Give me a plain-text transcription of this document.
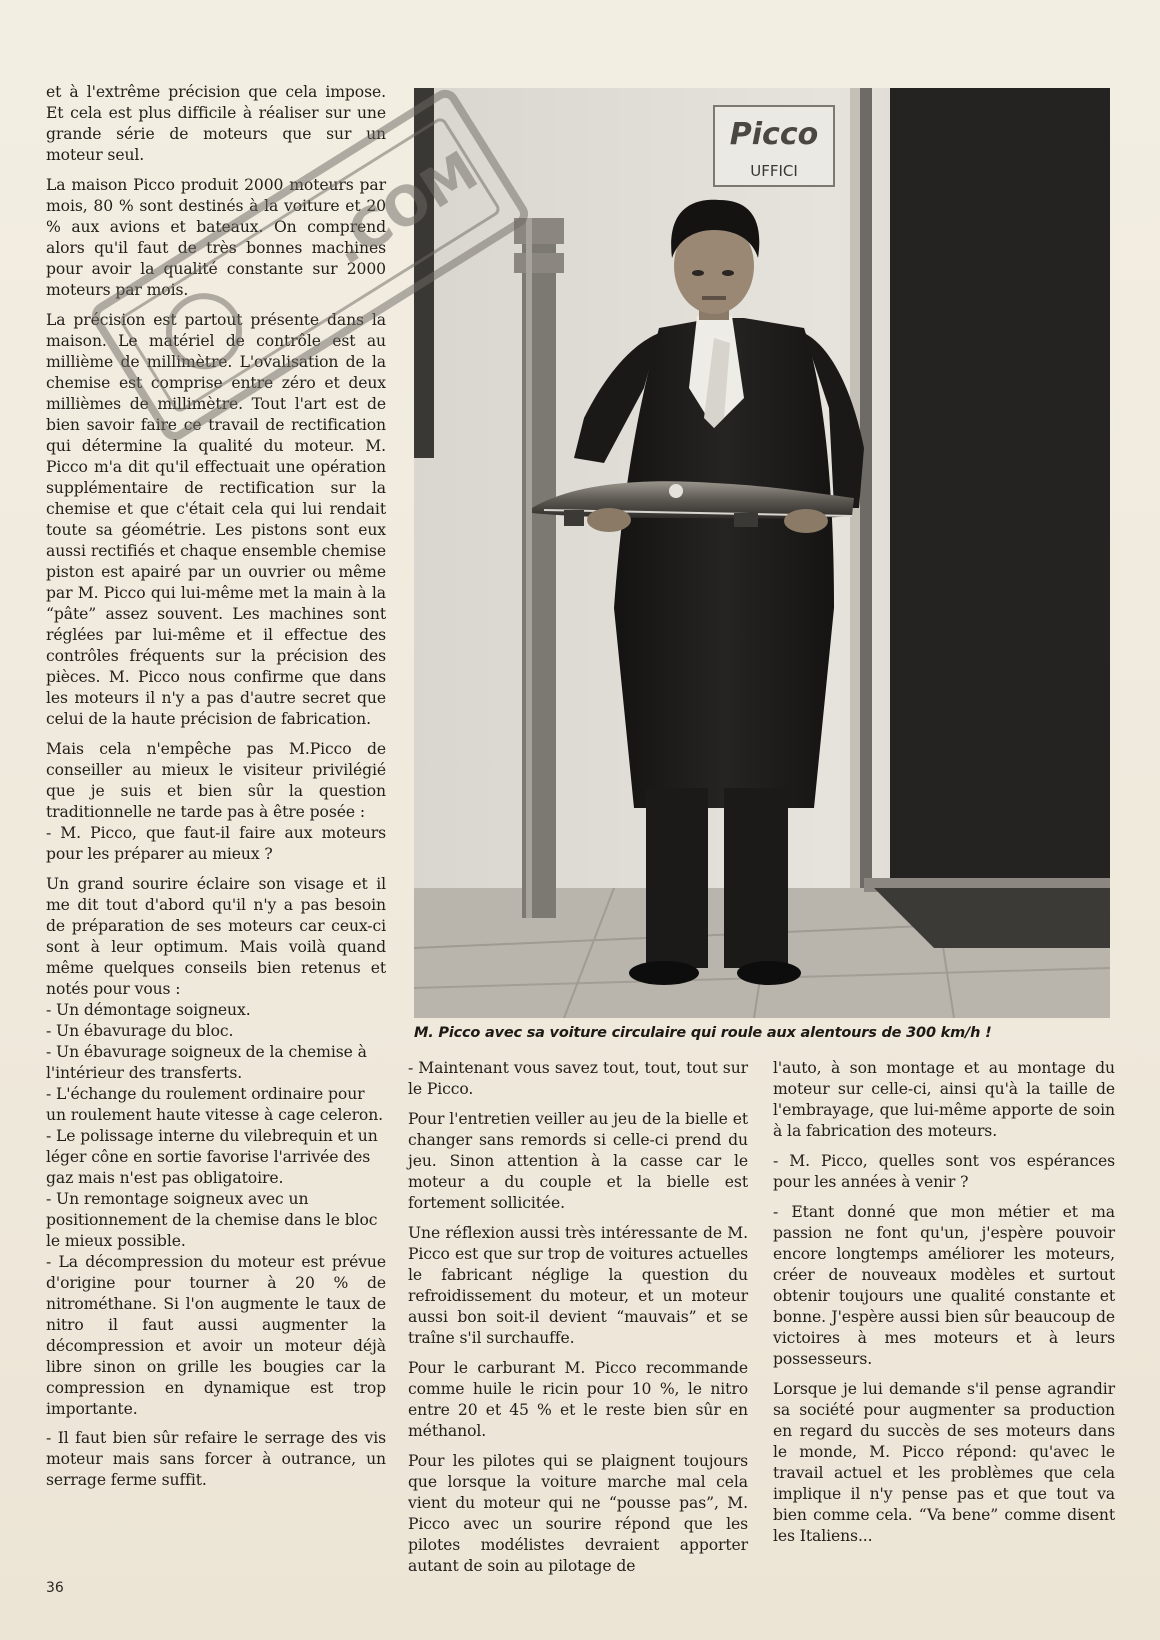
et à l'extrême précision que cela impose. Et cela est plus difficile à réaliser sur une grande série de moteurs que sur un moteur seul.

La maison Picco produit 2000 moteurs par mois, 80 % sont destinés à la voiture et 20 % aux avions et bateaux. On comprend alors qu'il faut de très bonnes machines pour avoir la qualité constante sur 2000 moteurs par mois.

La précision est partout présente dans la maison. Le matériel de contrôle est au millième de millimètre. L'ovalisation de la chemise est comprise entre zéro et deux millièmes de millimètre. Tout l'art est de bien savoir faire ce travail de rectification qui détermine la qualité du moteur. M. Picco m'a dit qu'il effectuait une opération supplémentaire de rectification sur la chemise et que c'était cela qui lui rendait toute sa géométrie. Les pistons sont eux aussi rectifiés et chaque ensemble chemise piston est apairé par un ouvrier ou même par M. Picco qui lui-même met la main à la “pâte” assez souvent. Les machines sont réglées par lui-même et il effectue des contrôles fréquents sur la précision des pièces. M. Picco nous confirme que dans les moteurs il n'y a pas d'autre secret que celui de la haute précision de fabrication.

Mais cela n'empêche pas M.Picco de conseiller au mieux le visiteur privilégié que je suis et bien sûr la question traditionnelle ne tarde pas à être posée :

- M. Picco, que faut-il faire aux moteurs pour les préparer au mieux ?

Un grand sourire éclaire son visage et il me dit tout d'abord qu'il n'y a pas besoin de préparation de ses moteurs car ceux-ci sont à leur optimum. Mais voilà quand même quelques conseils bien retenus et notés pour vous :

- Un démontage soigneux.

- Un ébavurage du bloc.

- Un ébavurage soigneux de la chemise à l'intérieur des transferts.

- L'échange du roulement ordinaire pour un roulement haute vitesse à cage celeron.

- Le polissage interne du vilebrequin et un léger cône en sortie favorise l'arrivée des gaz mais n'est pas obligatoire.

- Un remontage soigneux avec un positionnement de la chemise dans le bloc le mieux possible.

- La décompression du moteur est prévue d'origine pour tourner à 20 % de nitrométhane. Si l'on augmente le taux de nitro il faut aussi augmenter la décompression et avoir un moteur déjà libre sinon on grille les bougies car la compression en dynamique est trop importante.

- Il faut bien sûr refaire le serrage des vis moteur mais sans forcer à outrance, un serrage ferme suffit.

Picco
UFFICI
M. Picco avec sa voiture circulaire qui roule aux alentours de 300 km/h !

- Maintenant vous savez tout, tout, tout sur le Picco.

Pour l'entretien veiller au jeu de la bielle et changer sans remords si celle-ci prend du jeu. Sinon attention à la casse car le moteur a du couple et la bielle est fortement sollicitée.

Une réflexion aussi très intéressante de M. Picco est que sur trop de voitures actuelles le fabricant néglige la question du refroidissement du moteur, et un moteur aussi bon soit-il devient “mauvais” et se traîne s'il surchauffe.

Pour le carburant M. Picco recommande comme huile le ricin pour 10 %, le nitro entre 20 et 45 % et le reste bien sûr en méthanol.

Pour les pilotes qui se plaignent toujours que lorsque la voiture marche mal cela vient du moteur qui ne “pousse pas”, M. Picco avec un sourire répond que les pilotes modélistes devraient apporter autant de soin au pilotage de

l'auto, à son montage et au montage du moteur sur celle-ci, ainsi qu'à la taille de l'embrayage, que lui-même apporte de soin à la fabrication des moteurs.

- M. Picco, quelles sont vos espérances pour les années à venir ?

- Etant donné que mon métier et ma passion ne font qu'un, j'espère pouvoir encore longtemps améliorer les moteurs, créer de nouveaux modèles et surtout obtenir toujours une qualité constante et bonne. J'espère aussi bien sûr beaucoup de victoires à mes moteurs et à leurs possesseurs.

Lorsque je lui demande s'il pense agrandir sa société pour augmenter sa production en regard du succès de ses moteurs dans le monde, M. Picco répond: qu'avec le travail actuel et les problèmes que cela implique il n'y pense pas et que tout va bien comme cela. “Va bene” comme disent les Italiens...

36
.COM
